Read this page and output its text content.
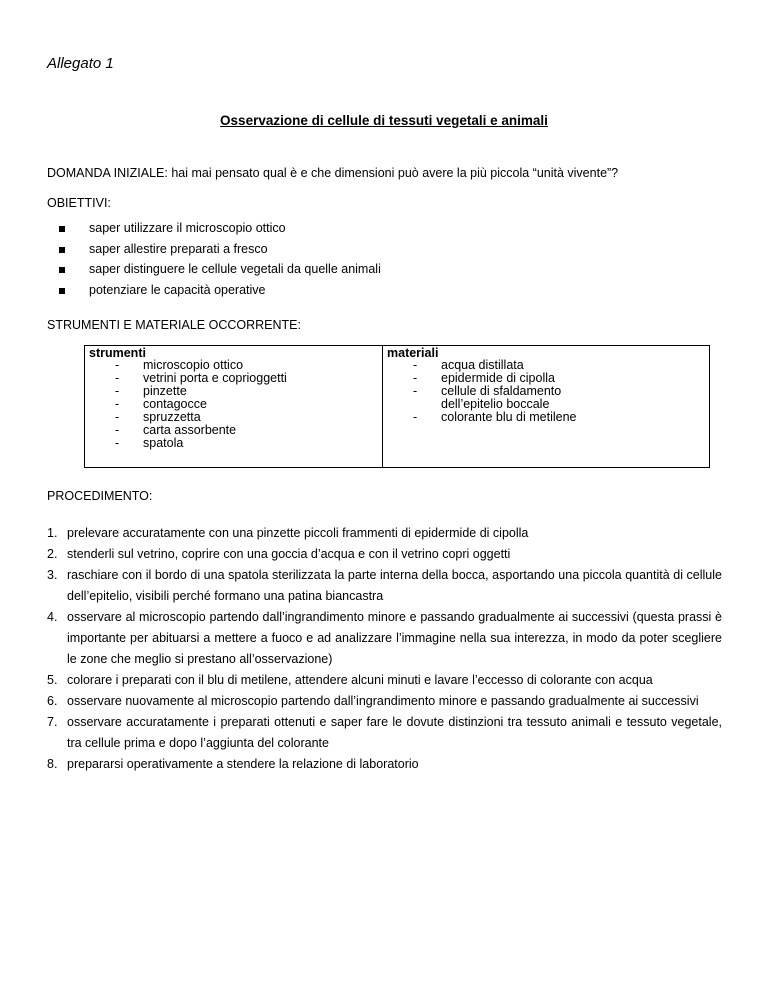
Allegato 1
Osservazione di cellule di tessuti vegetali e animali
DOMANDA INIZIALE: hai mai pensato qual è e che dimensioni può avere la più piccola “unità vivente”?
OBIETTIVI:
saper utilizzare il microscopio ottico
saper allestire preparati a fresco
saper distinguere le cellule vegetali da quelle animali
potenziare le capacità operative
STRUMENTI E MATERIALE OCCORRENTE:
strumenti
- microscopio ottico
- vetrini porta e coprioggetti
- pinzette
- contagocce
- spruzzetta
- carta assorbente
- spatola

materiali
- acqua distillata
- epidermide di cipolla
- cellule di sfaldamento dell’epitelio boccale
- colorante blu di metilene
PROCEDIMENTO:
1. prelevare accuratamente con una pinzette piccoli frammenti di epidermide di cipolla
2. stenderli sul vetrino, coprire con una goccia d’acqua e con il vetrino copri oggetti
3. raschiare con il bordo di una spatola sterilizzata la parte interna della bocca, asportando una piccola quantità di cellule dell’epitelio, visibili perché formano una patina biancastra
4. osservare al microscopio partendo dall’ingrandimento minore e passando gradualmente ai successivi (questa prassi è importante per abituarsi a mettere a fuoco e ad analizzare l’immagine nella sua interezza, in modo da poter scegliere le zone che meglio si prestano all’osservazione)
5. colorare i preparati con il blu di metilene, attendere alcuni minuti e lavare l’eccesso di colorante con acqua
6. osservare nuovamente al microscopio partendo dall’ingrandimento minore e passando gradualmente ai successivi
7. osservare accuratamente i preparati ottenuti e saper fare le dovute distinzioni tra tessuto animali e tessuto vegetale, tra cellule prima e dopo l’aggiunta del colorante
8. prepararsi operativamente a stendere la relazione di laboratorio
